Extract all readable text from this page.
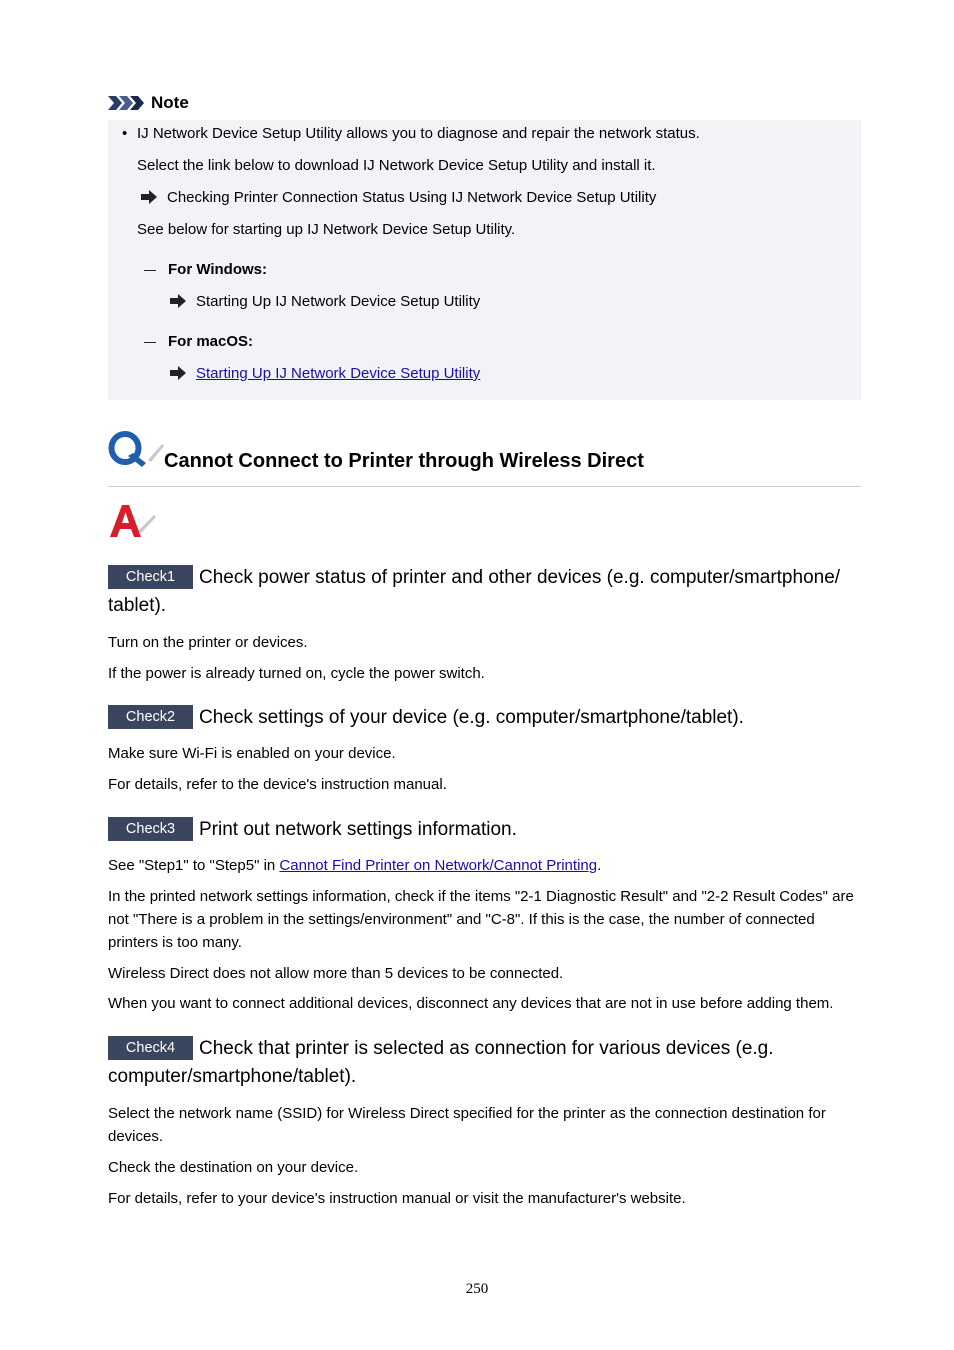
Note
• IJ Network Device Setup Utility allows you to diagnose and repair the network status.
Select the link below to download IJ Network Device Setup Utility and install it.
Checking Printer Connection Status Using IJ Network Device Setup Utility
See below for starting up IJ Network Device Setup Utility.
For Windows:
Starting Up IJ Network Device Setup Utility
For macOS:
Starting Up IJ Network Device Setup Utility
Cannot Connect to Printer through Wireless Direct
Check1 Check power status of printer and other devices (e.g. computer/smartphone/ tablet).
Turn on the printer or devices.
If the power is already turned on, cycle the power switch.
Check2 Check settings of your device (e.g. computer/smartphone/tablet).
Make sure Wi-Fi is enabled on your device.
For details, refer to the device's instruction manual.
Check3 Print out network settings information.
See "Step1" to "Step5" in Cannot Find Printer on Network/Cannot Printing.
In the printed network settings information, check if the items "2-1 Diagnostic Result" and "2-2 Result Codes" are not "There is a problem in the settings/environment" and "C-8". If this is the case, the number of connected printers is too many.
Wireless Direct does not allow more than 5 devices to be connected.
When you want to connect additional devices, disconnect any devices that are not in use before adding them.
Check4 Check that printer is selected as connection for various devices (e.g. computer/smartphone/tablet).
Select the network name (SSID) for Wireless Direct specified for the printer as the connection destination for devices.
Check the destination on your device.
For details, refer to your device's instruction manual or visit the manufacturer's website.
250
